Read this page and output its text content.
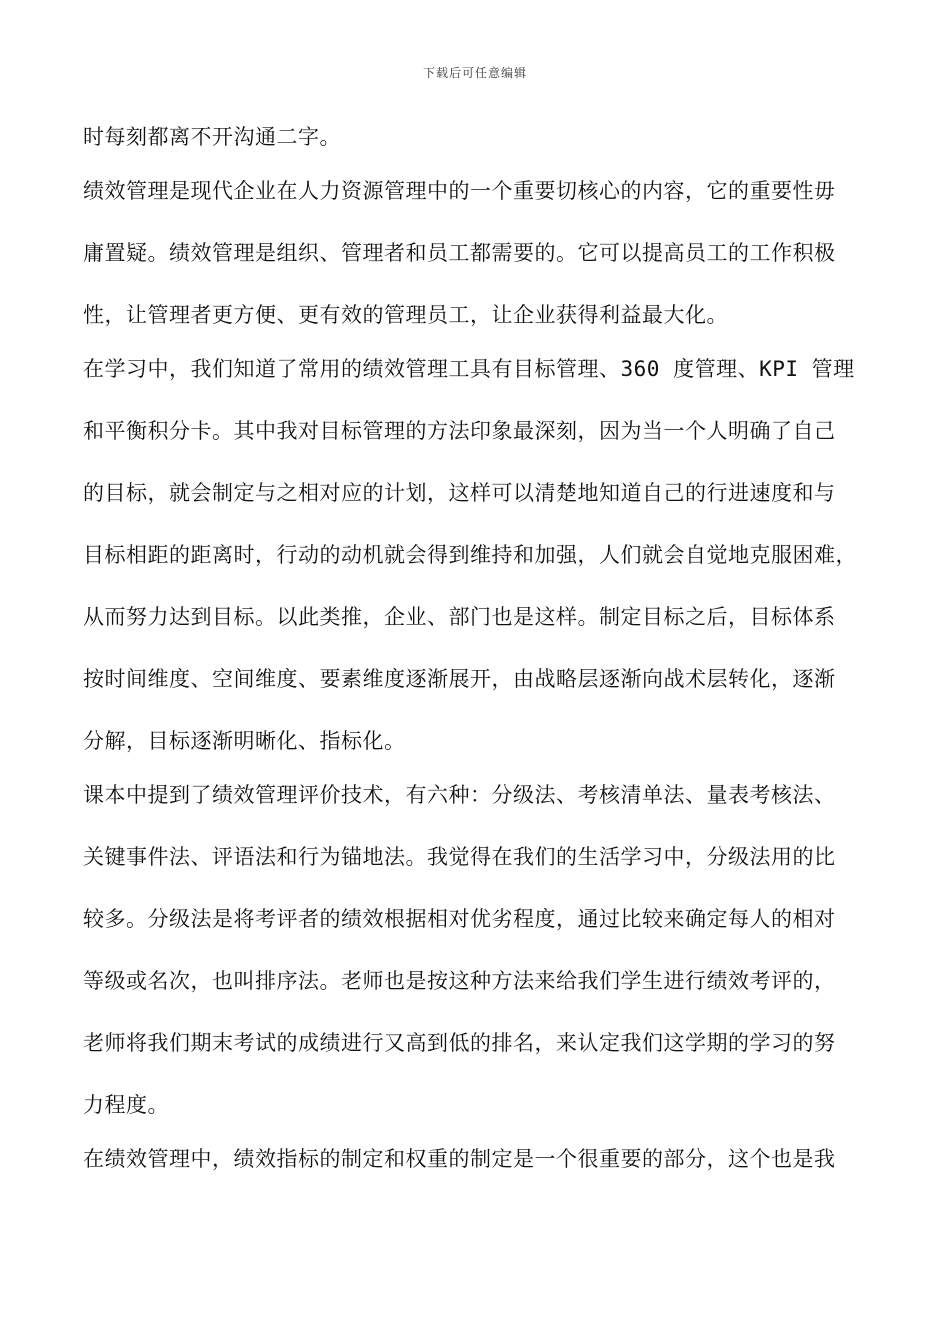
下载后可任意编辑
时每刻都离不开沟通二字。
绩效管理是现代企业在人力资源管理中的一个重要切核心的内容，它的重要性毋
庸置疑。绩效管理是组织、管理者和员工都需要的。它可以提高员工的工作积极
性，让管理者更方便、更有效的管理员工，让企业获得利益最大化。
在学习中，我们知道了常用的绩效管理工具有目标管理、360 度管理、KPI 管理
和平衡积分卡。其中我对目标管理的方法印象最深刻，因为当一个人明确了自己
的目标，就会制定与之相对应的计划，这样可以清楚地知道自己的行进速度和与
目标相距的距离时，行动的动机就会得到维持和加强，人们就会自觉地克服困难，
从而努力达到目标。以此类推，企业、部门也是这样。制定目标之后，目标体系
按时间维度、空间维度、要素维度逐渐展开，由战略层逐渐向战术层转化，逐渐
分解，目标逐渐明晰化、指标化。
课本中提到了绩效管理评价技术，有六种：分级法、考核清单法、量表考核法、
关键事件法、评语法和行为锚地法。我觉得在我们的生活学习中，分级法用的比
较多。分级法是将考评者的绩效根据相对优劣程度，通过比较来确定每人的相对
等级或名次，也叫排序法。老师也是按这种方法来给我们学生进行绩效考评的，
老师将我们期末考试的成绩进行又高到低的排名，来认定我们这学期的学习的努
力程度。
在绩效管理中，绩效指标的制定和权重的制定是一个很重要的部分，这个也是我
